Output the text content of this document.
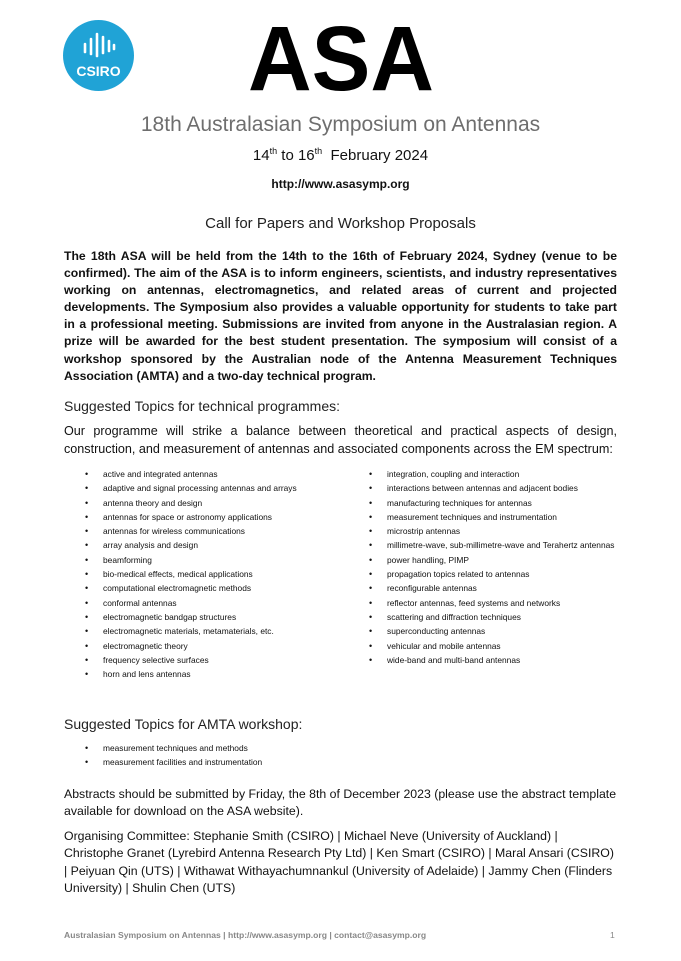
CSIRO ASA
18th Australasian Symposium on Antennas
14th to 16th  February 2024
http://www.asasymp.org
Call for Papers and Workshop Proposals

The 18th ASA will be held from the 14th to the 16th of February 2024, Sydney (venue to be confirmed). The aim of the ASA is to inform engineers, scientists, and industry representatives working on antennas, electromagnetics, and related areas of current and projected developments. The Symposium also provides a valuable opportunity for students to take part in a professional meeting. Submissions are invited from anyone in the Australasian region. A prize will be awarded for the best student presentation. The symposium will consist of a workshop sponsored by the Australian node of the Antenna Measurement Techniques Association (AMTA) and a two-day technical program.

Suggested Topics for technical programmes:

Our programme will strike a balance between theoretical and practical aspects of design, construction, and measurement of antennas and associated components across the EM spectrum:

• active and integrated antennas
• adaptive and signal processing antennas and arrays
• antenna theory and design
• antennas for space or astronomy applications
• antennas for wireless communications
• array analysis and design
• beamforming
• bio-medical effects, medical applications
• computational electromagnetic methods
• conformal antennas
• electromagnetic bandgap structures
• electromagnetic materials, metamaterials, etc.
• electromagnetic theory
• frequency selective surfaces
• horn and lens antennas
• integration, coupling and interaction
• interactions between antennas and adjacent bodies
• manufacturing techniques for antennas
• measurement techniques and instrumentation
• microstrip antennas
• millimetre-wave, sub-millimetre-wave and Terahertz antennas
• power handling, PIMP
• propagation topics related to antennas
• reconfigurable antennas
• reflector antennas, feed systems and networks
• scattering and diffraction techniques
• superconducting antennas
• vehicular and mobile antennas
• wide-band and multi-band antennas
Suggested Topics for AMTA workshop:
• measurement techniques and methods
• measurement facilities and instrumentation

Abstracts should be submitted by Friday, the 8th of December 2023 (please use the abstract template available for download on the ASA website).

Organising Committee: Stephanie Smith (CSIRO) | Michael Neve (University of Auckland) | Christophe Granet (Lyrebird Antenna Research Pty Ltd) | Ken Smart (CSIRO) | Maral Ansari (CSIRO) | Peiyuan Qin (UTS) | Withawat Withayachumnankul (University of Adelaide) | Jammy Chen (Flinders University) | Shulin Chen (UTS)

Australasian Symposium on Antennas | http://www.asasymp.org | contact@asasymp.org	1
